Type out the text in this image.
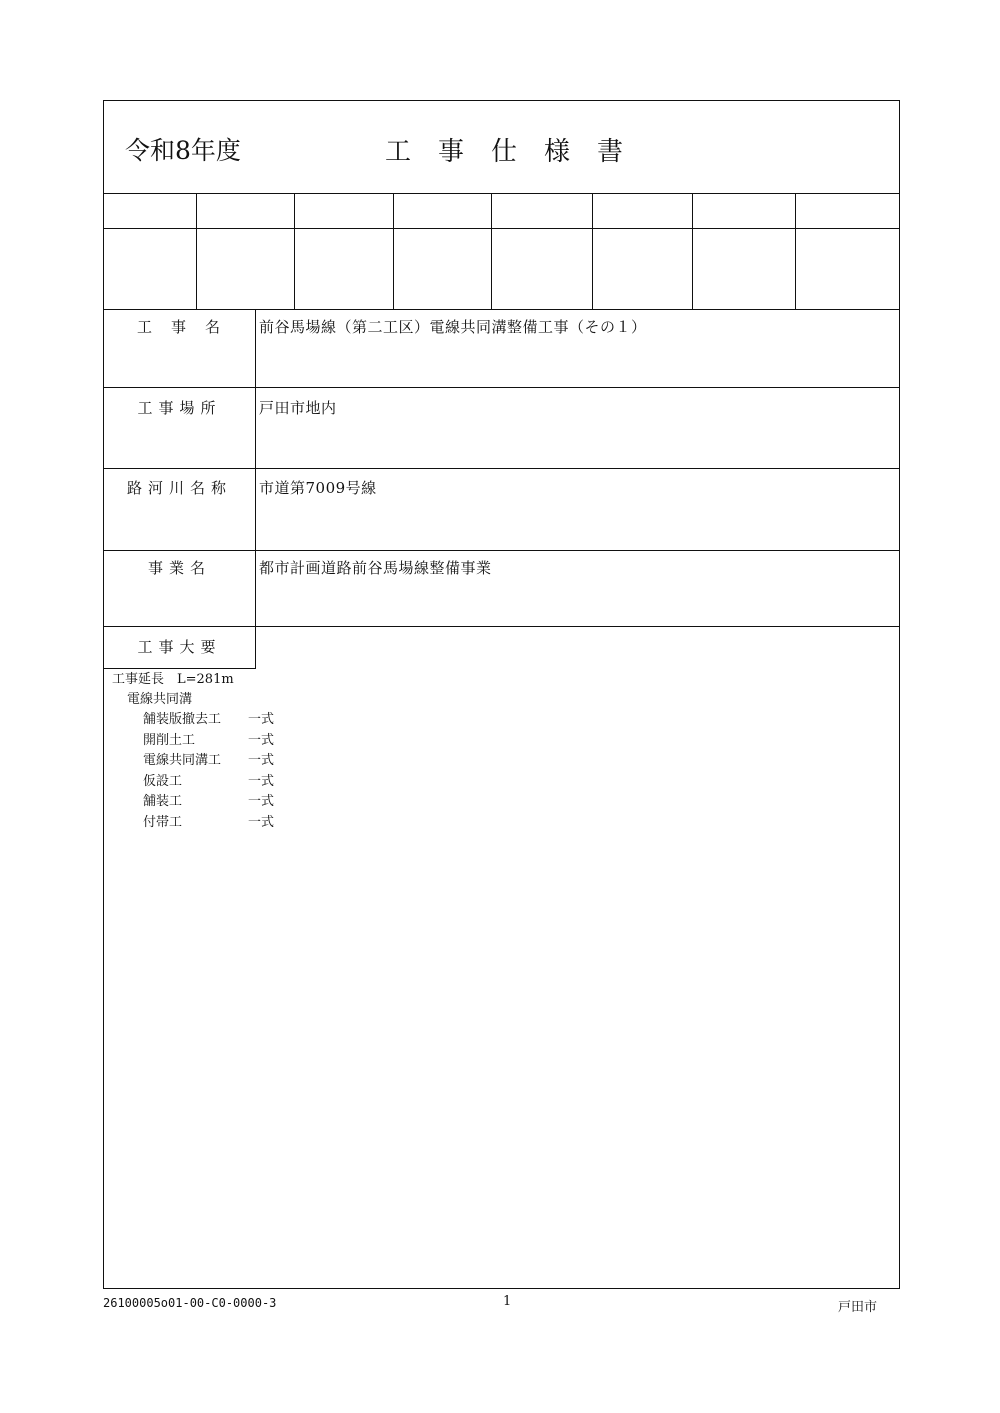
令和8年度	工 事 仕 様 書
工　事　名	前谷馬場線（第二工区）電線共同溝整備工事（その１）
工事場所	戸田市地内
路河川名称	市道第7009号線
事業名	都市計画道路前谷馬場線整備事業
工事大要
工事延長　L=281m
電線共同溝
舗装版撤去工 一式
開削土工	一式
電線共同溝工 一式
仮設工	一式
舗装工	一式
付帯工	一式
26100005o01-00-C0-0000-3	1	戸田市
